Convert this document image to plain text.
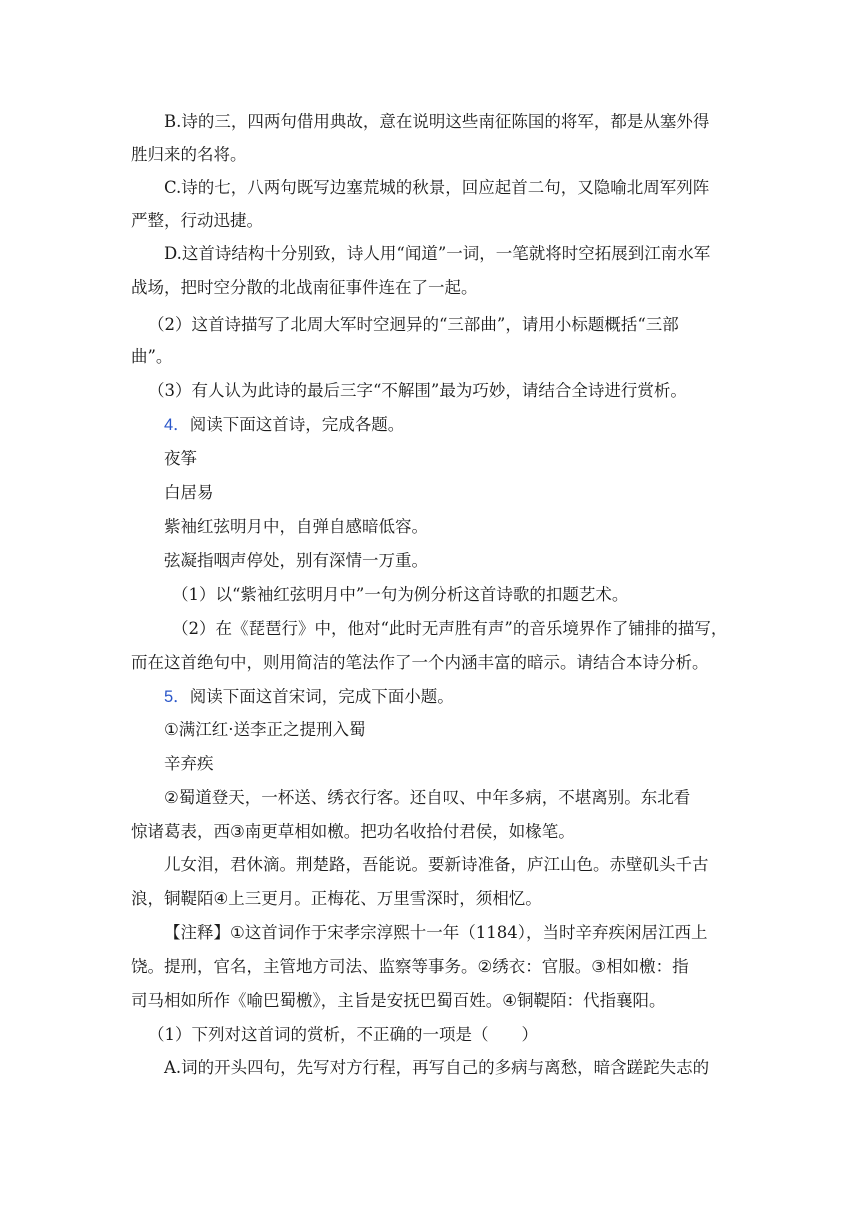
B.诗的三，四两句借用典故，意在说明这些南征陈国的将军，都是从塞外得

胜归来的名将。

C.诗的七，八两句既写边塞荒城的秋景，回应起首二句，又隐喻北周军列阵

严整，行动迅捷。

D.这首诗结构十分别致，诗人用“闻道”一词，一笔就将时空拓展到江南水军

战场，把时空分散的北战南征事件连在了一起。

（2）这首诗描写了北周大军时空迥异的“三部曲”，请用小标题概括“三部

曲”。

（3）有人认为此诗的最后三字“不解围”最为巧妙，请结合全诗进行赏析。

4．阅读下面这首诗，完成各题。

夜筝

白居易

紫袖红弦明月中，自弹自感暗低容。

弦凝指咽声停处，别有深情一万重。

（1）以“紫袖红弦明月中”一句为例分析这首诗歌的扣题艺术。

（2）在《琵琶行》中，他对“此时无声胜有声”的音乐境界作了铺排的描写，

而在这首绝句中，则用简洁的笔法作了一个内涵丰富的暗示。请结合本诗分析。

5．阅读下面这首宋词，完成下面小题。

①满江红·送李正之提刑入蜀

辛弃疾

②蜀道登天，一杯送、绣衣行客。还自叹、中年多病，不堪离别。东北看

惊诸葛表，西③南更草相如檄。把功名收拾付君侯，如椽笔。

儿女泪，君休滴。荆楚路，吾能说。要新诗准备，庐江山色。赤壁矶头千古

浪，铜鞮陌④上三更月。正梅花、万里雪深时，须相忆。

【注释】①这首词作于宋孝宗淳熙十一年（1184），当时辛弃疾闲居江西上

饶。提刑，官名，主管地方司法、监察等事务。②绣衣：官服。③相如檄：指

司马相如所作《喻巴蜀檄》，主旨是安抚巴蜀百姓。④铜鞮陌：代指襄阳。

（1）下列对这首词的赏析，不正确的一项是（　　）

A.词的开头四句，先写对方行程，再写自己的多病与离愁，暗含蹉跎失志的
